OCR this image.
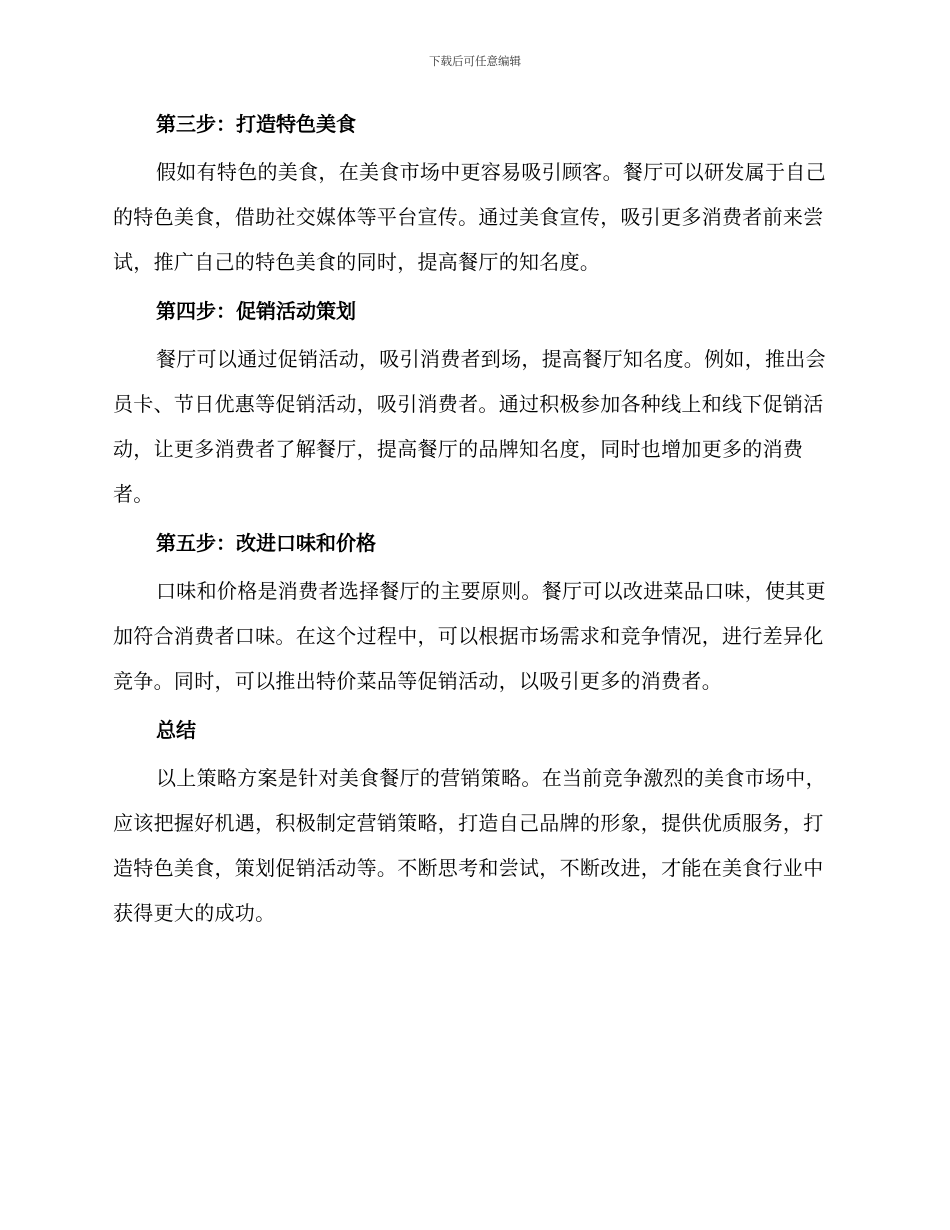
下载后可任意编辑
第三步：打造特色美食

假如有特色的美食，在美食市场中更容易吸引顾客。餐厅可以研发属于自己的特色美食，借助社交媒体等平台宣传。通过美食宣传，吸引更多消费者前来尝试，推广自己的特色美食的同时，提高餐厅的知名度。

第四步：促销活动策划

餐厅可以通过促销活动，吸引消费者到场，提高餐厅知名度。例如，推出会员卡、节日优惠等促销活动，吸引消费者。通过积极参加各种线上和线下促销活动，让更多消费者了解餐厅，提高餐厅的品牌知名度，同时也增加更多的消费者。

第五步：改进口味和价格

口味和价格是消费者选择餐厅的主要原则。餐厅可以改进菜品口味，使其更加符合消费者口味。在这个过程中，可以根据市场需求和竞争情况，进行差异化竞争。同时，可以推出特价菜品等促销活动，以吸引更多的消费者。

总结

以上策略方案是针对美食餐厅的营销策略。在当前竞争激烈的美食市场中，应该把握好机遇，积极制定营销策略，打造自己品牌的形象，提供优质服务，打造特色美食，策划促销活动等。不断思考和尝试，不断改进，才能在美食行业中获得更大的成功。
